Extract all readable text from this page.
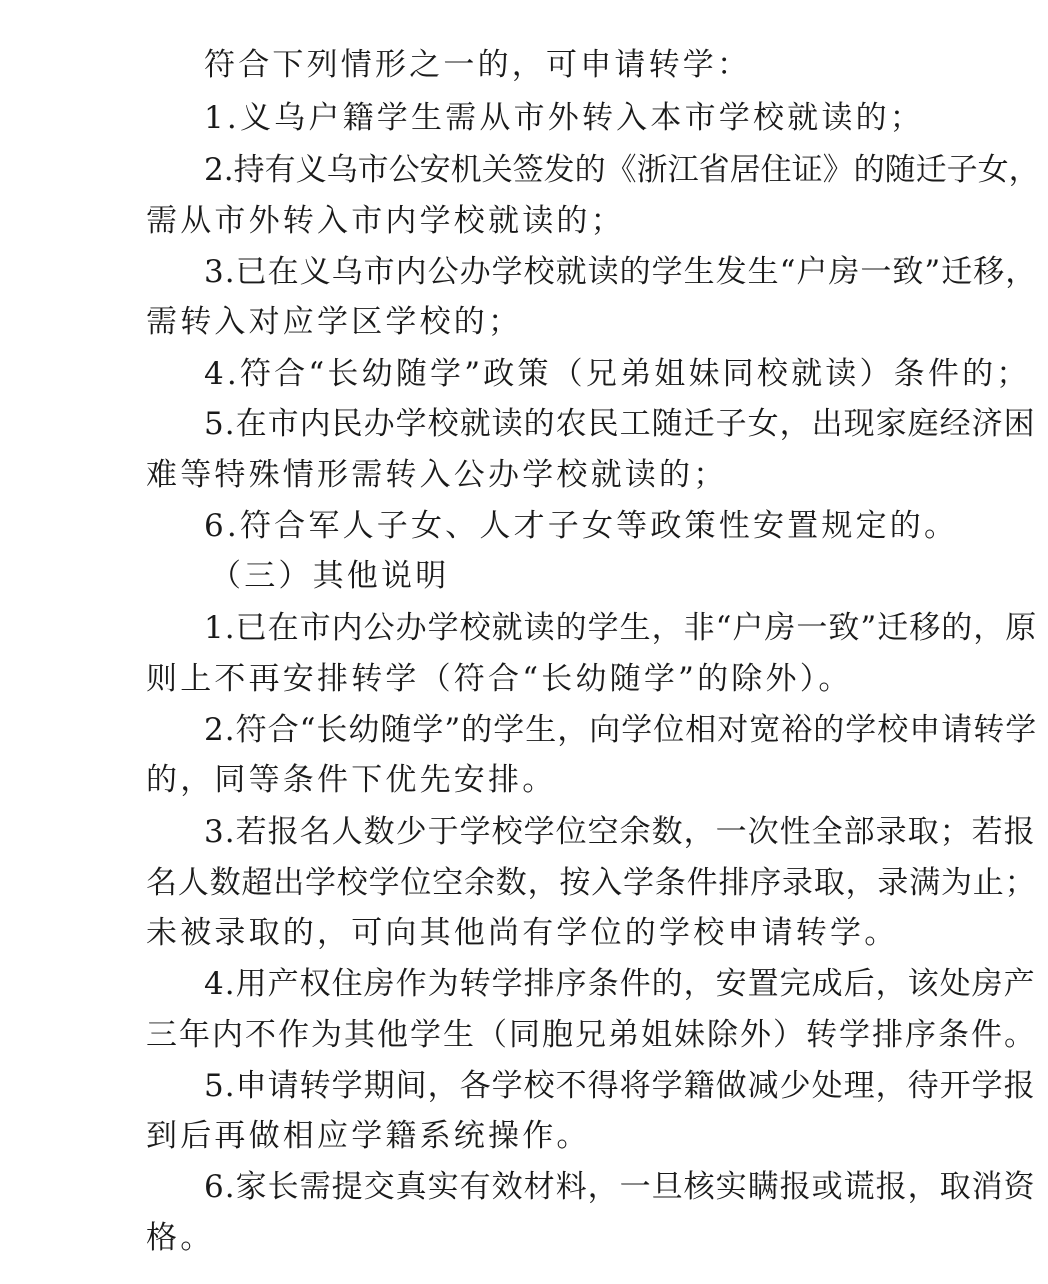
符合下列情形之一的，可申请转学：
1.义乌户籍学生需从市外转入本市学校就读的；
2.持有义乌市公安机关签发的《浙江省居住证》的随迁子女，
需从市外转入市内学校就读的；
3.已在义乌市内公办学校就读的学生发生“户房一致”迁移，
需转入对应学区学校的；
4.符合“长幼随学”政策（兄弟姐妹同校就读）条件的；
5.在市内民办学校就读的农民工随迁子女，出现家庭经济困
难等特殊情形需转入公办学校就读的；
6.符合军人子女、人才子女等政策性安置规定的。
（三）其他说明
1.已在市内公办学校就读的学生，非“户房一致”迁移的，原
则上不再安排转学（符合“长幼随学”的除外）。
2.符合“长幼随学”的学生，向学位相对宽裕的学校申请转学
的，同等条件下优先安排。
3.若报名人数少于学校学位空余数，一次性全部录取；若报
名人数超出学校学位空余数，按入学条件排序录取，录满为止；
未被录取的，可向其他尚有学位的学校申请转学。
4.用产权住房作为转学排序条件的，安置完成后，该处房产
三年内不作为其他学生（同胞兄弟姐妹除外）转学排序条件。
5.申请转学期间，各学校不得将学籍做减少处理，待开学报
到后再做相应学籍系统操作。
6.家长需提交真实有效材料，一旦核实瞒报或谎报，取消资
格。
